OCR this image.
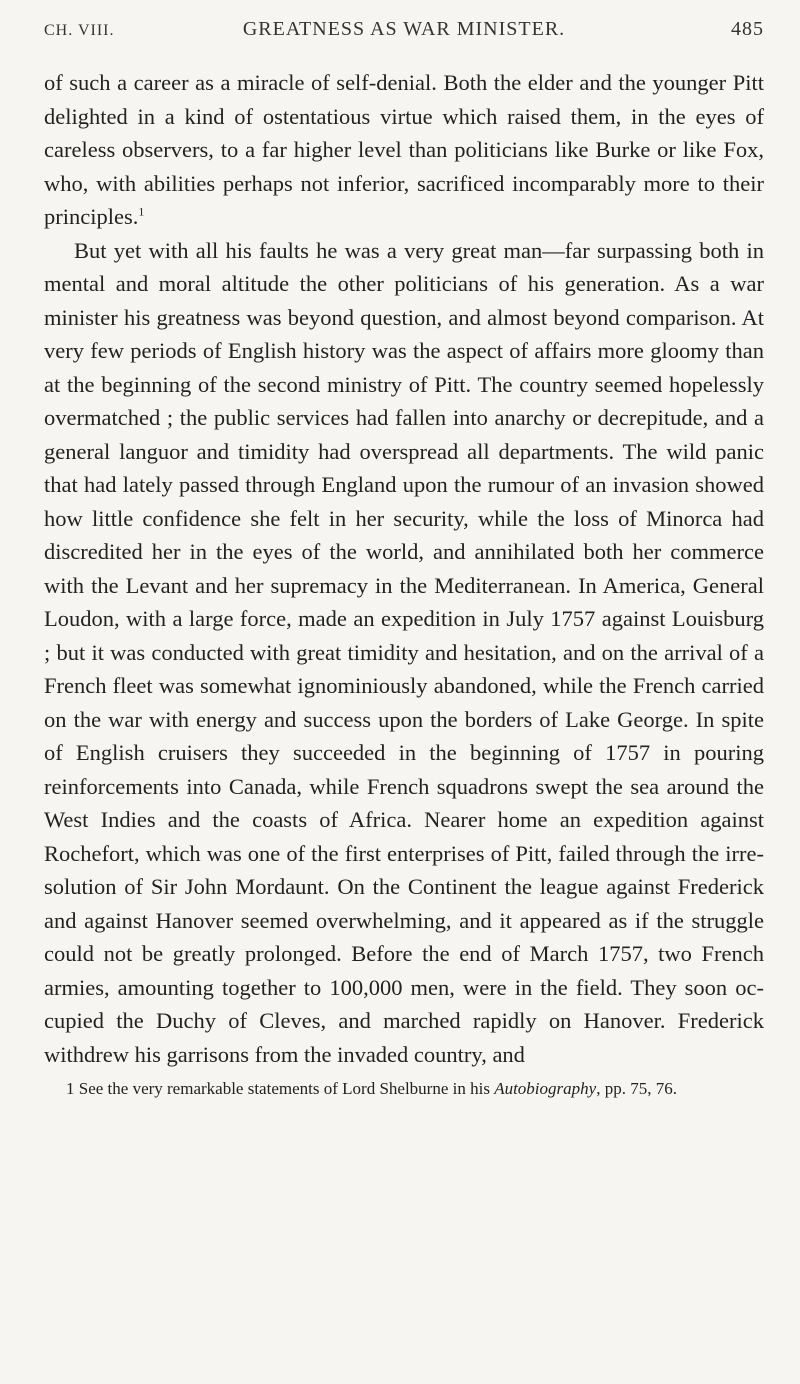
CH. VIII.	GREATNESS AS WAR MINISTER.	485

of such a career as a miracle of self-denial. Both the elder and the younger Pitt delighted in a kind of ostentatious virtue which raised them, in the eyes of careless observers, to a far higher level than politicians like Burke or like Fox, who, with abilities perhaps not inferior, sacrificed incomparably more to their principles.$^1$

But yet with all his faults he was a very great man—far surpassing both in mental and moral altitude the other politicians of his generation. As a war minister his greatness was beyond question, and almost beyond comparison. At very few periods of English history was the aspect of affairs more gloomy than at the beginning of the second ministry of Pitt. The country seemed hopelessly overmatched ; the public services had fallen into anarchy or decrepitude, and a general languor and timidity had overspread all departments. The wild panic that had lately passed through England upon the rumour of an invasion showed how little confidence she felt in her security, while the loss of Minorca had discredited her in the eyes of the world, and annihilated both her commerce with the Levant and her supremacy in the Mediterranean. In America, General Loudon, with a large force, made an expedition in July 1757 against Louisburg ; but it was conducted with great timidity and hesitation, and on the arrival of a French fleet was somewhat ignominiously abandoned, while the French carried on the war with energy and success upon the borders of Lake George. In spite of English cruisers they succeeded in the beginning of 1757 in pouring reinforcements into Canada, while French squadrons swept the sea around the West Indies and the coasts of Africa. Nearer home an expedition against Rochefort, which was one of the first enterprises of Pitt, failed through the irresolution of Sir John Mordaunt. On the Continent the league against Frederick and against Hanover seemed overwhelming, and it appeared as if the struggle could not be greatly prolonged. Before the end of March 1757, two French armies, amounting together to 100,000 men, were in the field. They soon occupied the Duchy of Cleves, and marched rapidly on Hanover. Frederick withdrew his garrisons from the invaded country, and

1 See the very remarkable statements of Lord Shelburne in his Autobiography, pp. 75, 76.
